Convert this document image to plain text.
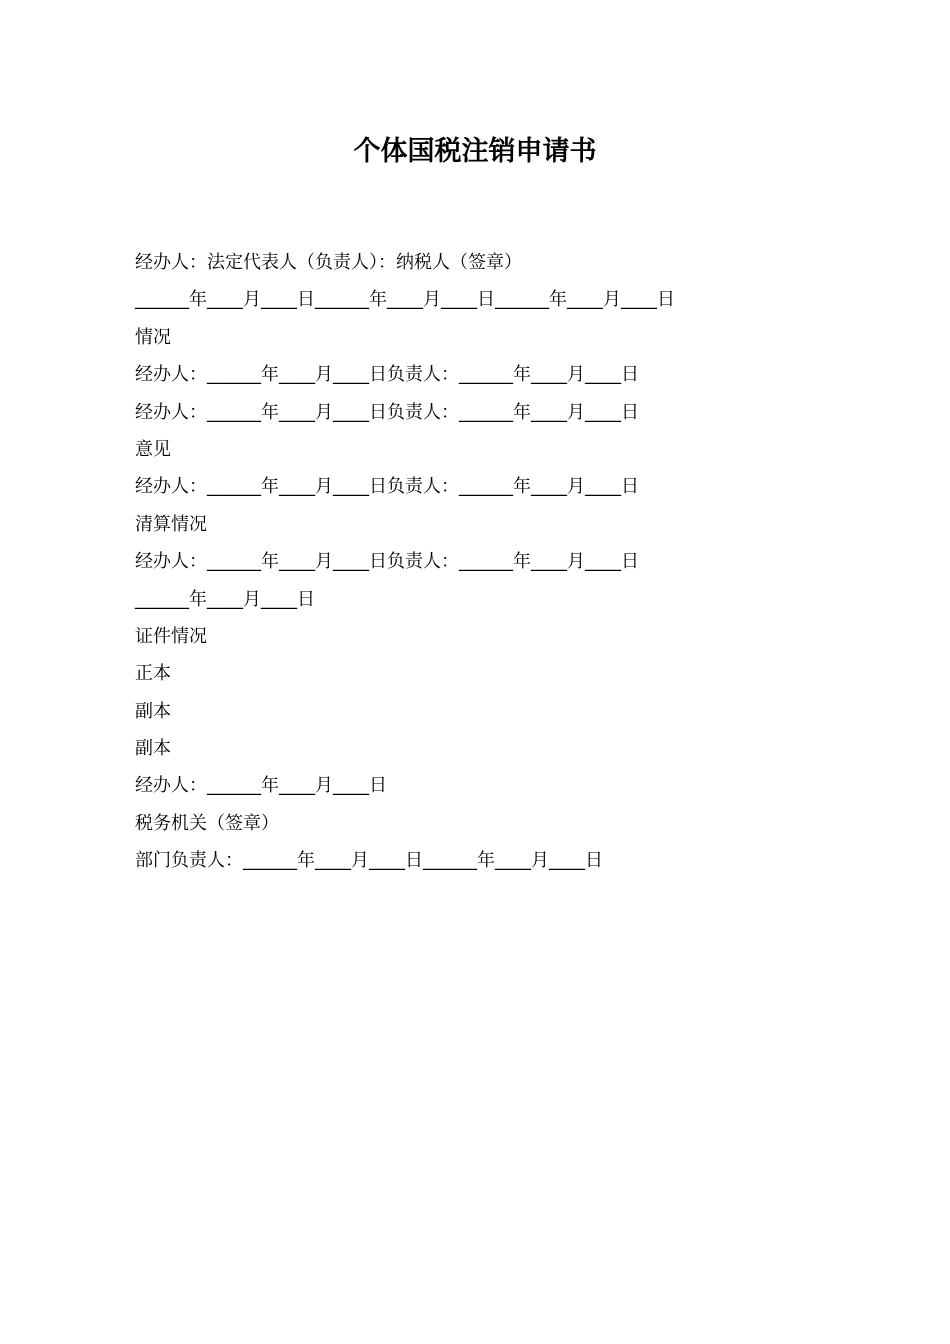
个体国税注销申请书

经办人：法定代表人（负责人）：纳税人（签章）

______年____月____日______年____月____日______年____月____日

情况

经办人：______年____月____日负责人：______年____月____日

经办人：______年____月____日负责人：______年____月____日

意见

经办人：______年____月____日负责人：______年____月____日

清算情况

经办人：______年____月____日负责人：______年____月____日

______年____月____日

证件情况

正本

副本

副本

经办人：______年____月____日

税务机关（签章）

部门负责人：______年____月____日______年____月____日
